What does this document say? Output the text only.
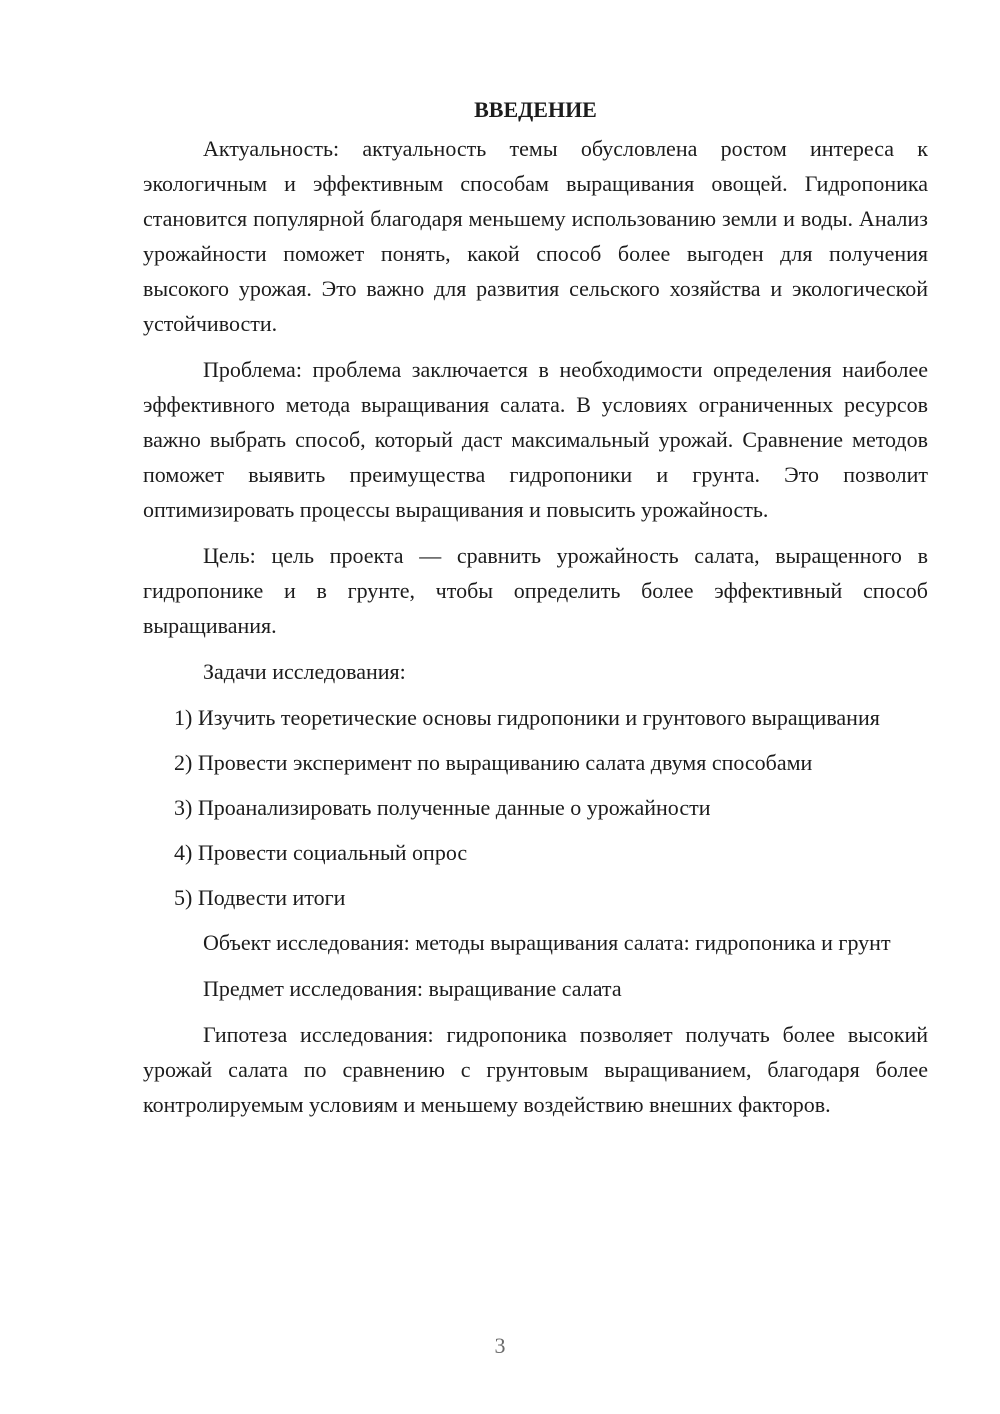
ВВЕДЕНИЕ

Актуальность: актуальность темы обусловлена ростом интереса к экологичным и эффективным способам выращивания овощей. Гидропоника становится популярной благодаря меньшему использованию земли и воды. Анализ урожайности поможет понять, какой способ более выгоден для получения высокого урожая. Это важно для развития сельского хозяйства и экологической устойчивости.

Проблема: проблема заключается в необходимости определения наиболее эффективного метода выращивания салата. В условиях ограниченных ресурсов важно выбрать способ, который даст максимальный урожай. Сравнение методов поможет выявить преимущества гидропоники и грунта. Это позволит оптимизировать процессы выращивания и повысить урожайность.

Цель: цель проекта — сравнить урожайность салата, выращенного в гидропонике и в грунте, чтобы определить более эффективный способ выращивания.

Задачи исследования:

1) Изучить теоретические основы гидропоники и грунтового выращивания

2) Провести эксперимент по выращиванию салата двумя способами

3) Проанализировать полученные данные о урожайности

4) Провести социальный опрос

5) Подвести итоги

Объект исследования: методы выращивания салата: гидропоника и грунт

Предмет исследования: выращивание салата

Гипотеза исследования: гидропоника позволяет получать более высокий урожай салата по сравнению с грунтовым выращиванием, благодаря более контролируемым условиям и меньшему воздействию внешних факторов.

3
